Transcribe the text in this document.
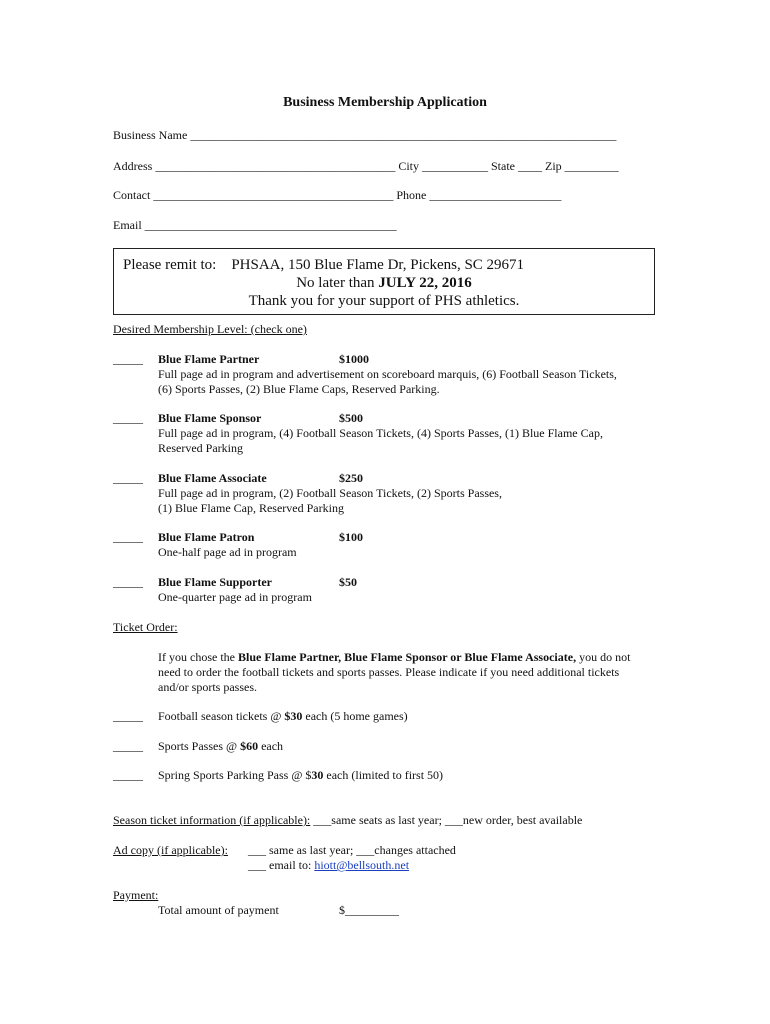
Business Membership Application
Business Name _______________________________________________________________________
Address ________________________________________ City ___________ State ____ Zip _________
Contact ________________________________________ Phone ______________________
Email __________________________________________
Please remit to: PHSAA, 150 Blue Flame Dr, Pickens, SC 29671
No later than JULY 22, 2016
Thank you for your support of PHS athletics.
Desired Membership Level: (check one)
_____ Blue Flame Partner	$1000
Full page ad in program and advertisement on scoreboard marquis, (6) Football Season Tickets,
(6) Sports Passes, (2) Blue Flame Caps, Reserved Parking.
_____ Blue Flame Sponsor	$500
Full page ad in program, (4) Football Season Tickets, (4) Sports Passes, (1) Blue Flame Cap,
Reserved Parking
_____ Blue Flame Associate	$250
Full page ad in program, (2) Football Season Tickets, (2) Sports Passes,
(1) Blue Flame Cap, Reserved Parking
_____ Blue Flame Patron	$100
One-half page ad in program
_____ Blue Flame Supporter	$50
One-quarter page ad in program
Ticket Order:
If you chose the Blue Flame Partner, Blue Flame Sponsor or Blue Flame Associate, you do not
need to order the football tickets and sports passes. Please indicate if you need additional tickets
and/or sports passes.
_____ Football season tickets @ $30 each (5 home games)
_____ Sports Passes @ $60 each
_____ Spring Sports Parking Pass @ $30 each (limited to first 50)
Season ticket information (if applicable): ___same seats as last year; ___new order, best available
Ad copy (if applicable): ___ same as last year; ___changes attached
___ email to: hiott@bellsouth.net
Payment:
Total amount of payment	$_________
